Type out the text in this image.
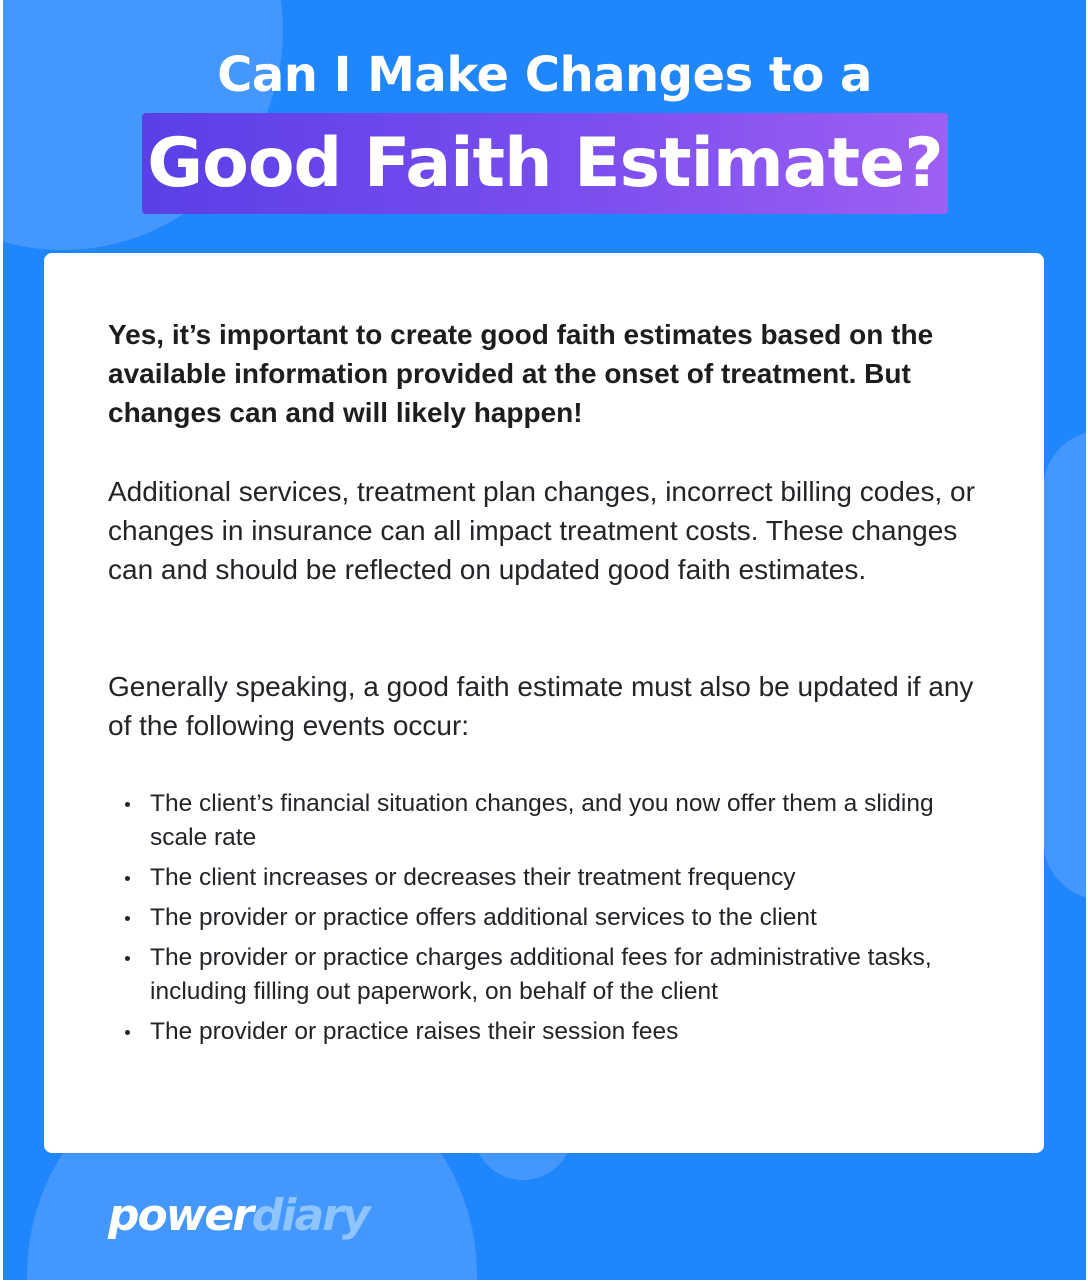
Can I Make Changes to a
Good Faith Estimate?

Yes, it’s important to create good faith estimates based on the available information provided at the onset of treatment. But changes can and will likely happen!

Additional services, treatment plan changes, incorrect billing codes, or changes in insurance can all impact treatment costs. These changes can and should be reflected on updated good faith estimates.

Generally speaking, a good faith estimate must also be updated if any of the following events occur:

The client’s financial situation changes, and you now offer them a sliding scale rate
The client increases or decreases their treatment frequency
The provider or practice offers additional services to the client
The provider or practice charges additional fees for administrative tasks, including filling out paperwork, on behalf of the client
The provider or practice raises their session fees
powerdiary
